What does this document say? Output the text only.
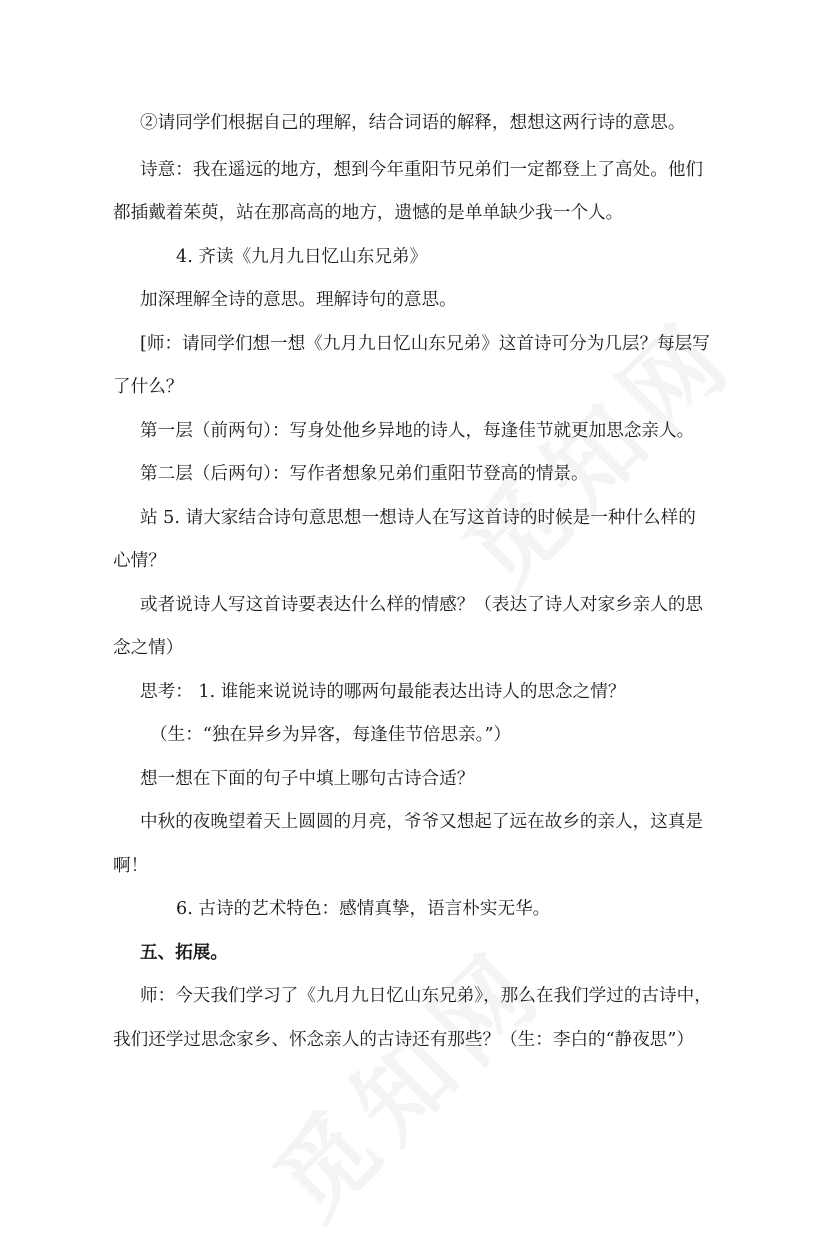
②请同学们根据自己的理解，结合词语的解释，想想这两行诗的意思。
诗意：我在遥远的地方，想到今年重阳节兄弟们一定都登上了高处。他们
都插戴着茱萸，站在那高高的地方，遗憾的是单单缺少我一个人。
4. 齐读《九月九日忆山东兄弟》
加深理解全诗的意思。理解诗句的意思。
[师：请同学们想一想《九月九日忆山东兄弟》这首诗可分为几层？每层写
了什么？
第一层（前两句）：写身处他乡异地的诗人，每逢佳节就更加思念亲人。
第二层（后两句）：写作者想象兄弟们重阳节登高的情景。
站 5. 请大家结合诗句意思想一想诗人在写这首诗的时候是一种什么样的
心情？
或者说诗人写这首诗要表达什么样的情感？（表达了诗人对家乡亲人的思
念之情）
思考： 1. 谁能来说说诗的哪两句最能表达出诗人的思念之情？
（生：“独在异乡为异客，每逢佳节倍思亲。”）
想一想在下面的句子中填上哪句古诗合适？
中秋的夜晚望着天上圆圆的月亮，爷爷又想起了远在故乡的亲人，这真是
啊！
6. 古诗的艺术特色：感情真挚，语言朴实无华。
五、拓展。
师：今天我们学习了《九月九日忆山东兄弟》，那么在我们学过的古诗中，
我们还学过思念家乡、怀念亲人的古诗还有那些？（生：李白的“静夜思”）
